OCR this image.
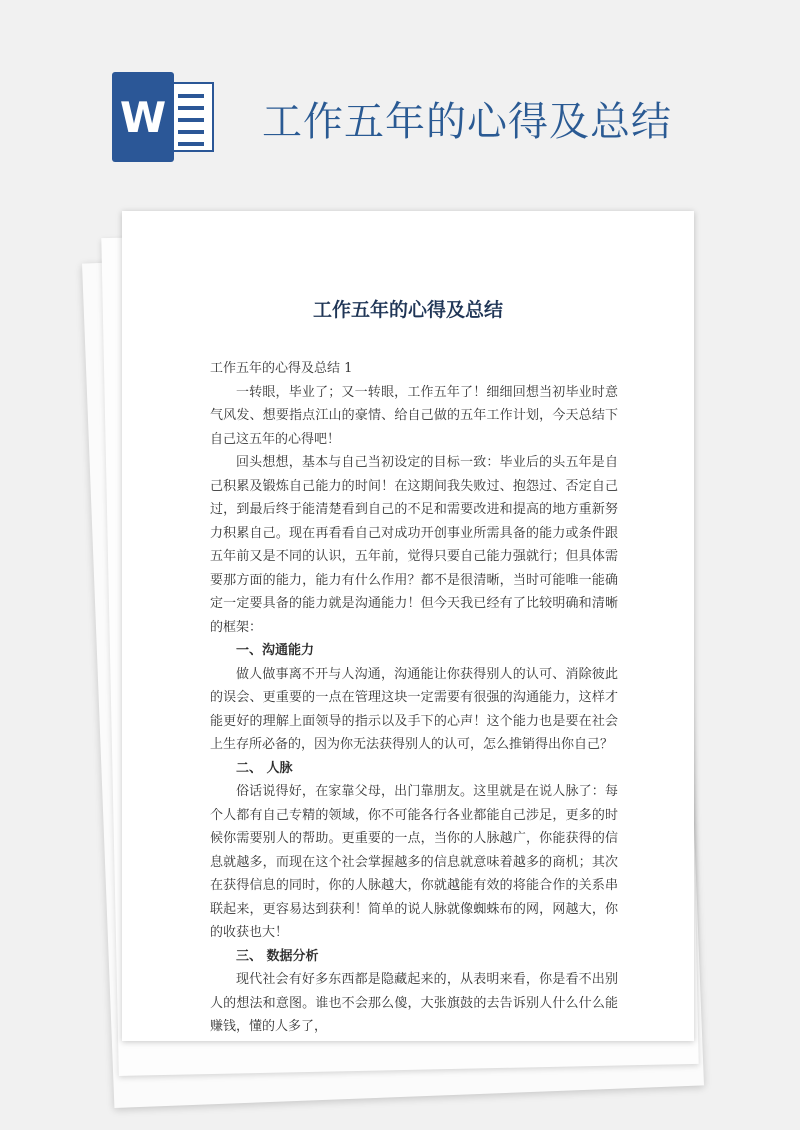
W 工作五年的心得及总结
工作五年的心得及总结

工作五年的心得及总结 1

一转眼，毕业了；又一转眼，工作五年了！细细回想当初毕业时意气风发、想要指点江山的豪情、给自己做的五年工作计划，今天总结下自己这五年的心得吧！

回头想想，基本与自己当初设定的目标一致：毕业后的头五年是自己积累及锻炼自己能力的时间！在这期间我失败过、抱怨过、否定自己过，到最后终于能清楚看到自己的不足和需要改进和提高的地方重新努力积累自己。现在再看看自己对成功开创事业所需具备的能力或条件跟五年前又是不同的认识，五年前，觉得只要自己能力强就行；但具体需要那方面的能力，能力有什么作用？都不是很清晰，当时可能唯一能确定一定要具备的能力就是沟通能力！但今天我已经有了比较明确和清晰的框架：

一、沟通能力

做人做事离不开与人沟通，沟通能让你获得别人的认可、消除彼此的误会、更重要的一点在管理这块一定需要有很强的沟通能力，这样才能更好的理解上面领导的指示以及手下的心声！这个能力也是要在社会上生存所必备的，因为你无法获得别人的认可，怎么推销得出你自己？

二、 人脉

俗话说得好，在家靠父母，出门靠朋友。这里就是在说人脉了：每个人都有自己专精的领域，你不可能各行各业都能自己涉足，更多的时候你需要别人的帮助。更重要的一点，当你的人脉越广，你能获得的信息就越多，而现在这个社会掌握越多的信息就意味着越多的商机；其次在获得信息的同时，你的人脉越大，你就越能有效的将能合作的关系串联起来，更容易达到获利！简单的说人脉就像蜘蛛布的网，网越大，你的收获也大！

三、 数据分析

现代社会有好多东西都是隐藏起来的，从表明来看，你是看不出别人的想法和意图。谁也不会那么傻，大张旗鼓的去告诉别人什么什么能赚钱，懂的人多了，
